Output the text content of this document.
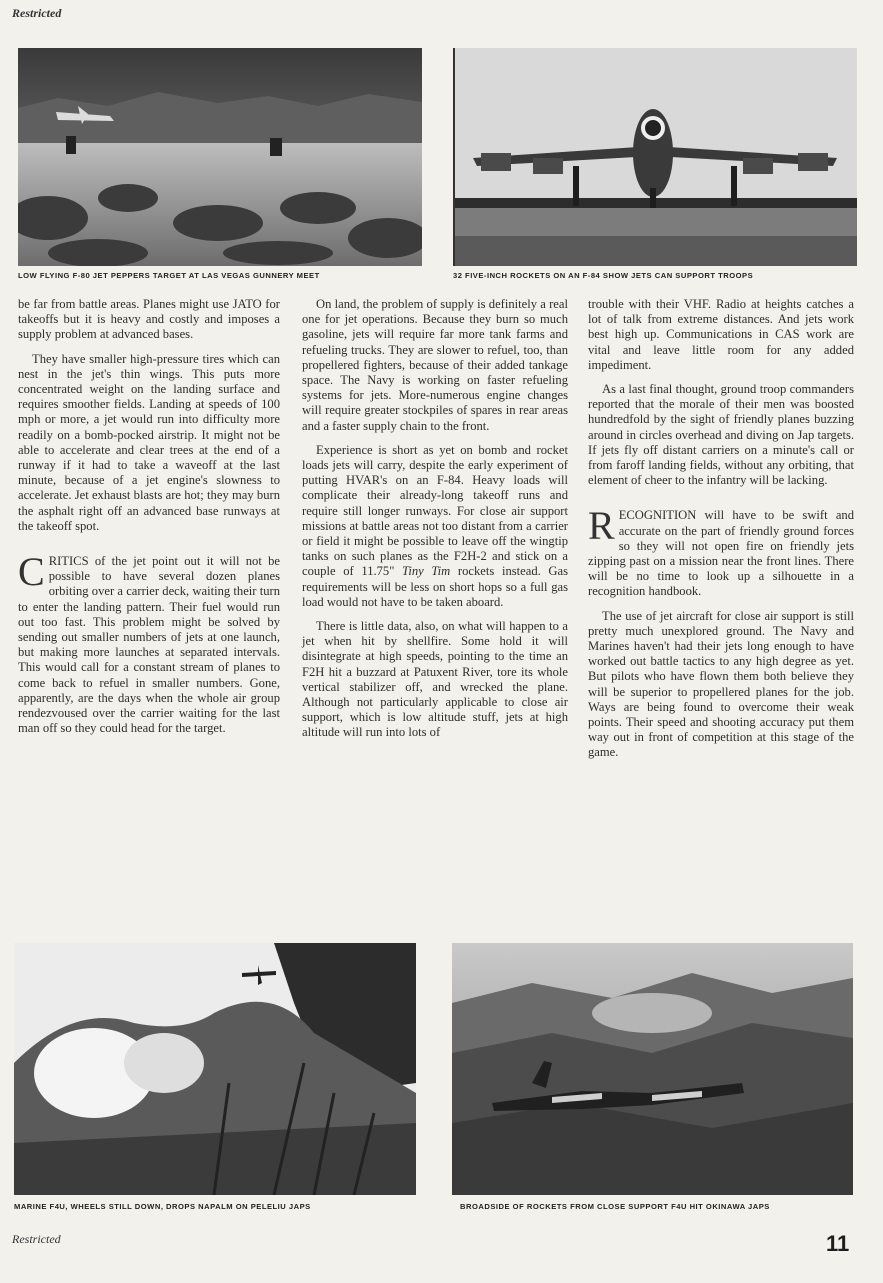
Restricted
LOW FLYING F-80 JET PEPPERS TARGET AT LAS VEGAS GUNNERY MEET	32 FIVE-INCH ROCKETS ON AN F-84 SHOW JETS CAN SUPPORT TROOPS

be far from battle areas. Planes might use JATO for takeoffs but it is heavy and costly and imposes a supply problem at advanced bases.

They have smaller high-pressure tires which can nest in the jet's thin wings. This puts more concentrated weight on the landing surface and requires smoother fields. Landing at speeds of 100 mph or more, a jet would run into difficulty more readily on a bomb-pocked airstrip. It might not be able to accelerate and clear trees at the end of a runway if it had to take a waveoff at the last minute, because of a jet engine's slowness to accelerate. Jet exhaust blasts are hot; they may burn the asphalt right off an advanced base runways at the takeoff spot.

CRITICS of the jet point out it will not be possible to have several dozen planes orbiting over a carrier deck, waiting their turn to enter the landing pattern. Their fuel would run out too fast. This problem might be solved by sending out smaller numbers of jets at one launch, but making more launches at separated intervals. This would call for a constant stream of planes to come back to refuel in smaller numbers. Gone, apparently, are the days when the whole air group rendezvoused over the carrier waiting for the last man off so they could head for the target.

On land, the problem of supply is definitely a real one for jet operations. Because they burn so much gasoline, jets will require far more tank farms and refueling trucks. They are slower to refuel, too, than propellered fighters, because of their added tankage space. The Navy is working on faster refueling systems for jets. More-numerous engine changes will require greater stockpiles of spares in rear areas and a faster supply chain to the front.

Experience is short as yet on bomb and rocket loads jets will carry, despite the early experiment of putting HVAR's on an F-84. Heavy loads will complicate their already-long takeoff runs and require still longer runways. For close air support missions at battle areas not too distant from a carrier or field it might be possible to leave off the wingtip tanks on such planes as the F2H-2 and stick on a couple of 11.75" Tiny Tim rockets instead. Gas requirements will be less on short hops so a full gas load would not have to be taken aboard.

There is little data, also, on what will happen to a jet when hit by shellfire. Some hold it will disintegrate at high speeds, pointing to the time an F2H hit a buzzard at Patuxent River, tore its whole vertical stabilizer off, and wrecked the plane. Although not particularly applicable to close air support, which is low altitude stuff, jets at high altitude will run into lots of

trouble with their VHF. Radio at heights catches a lot of talk from extreme distances. And jets work best high up. Communications in CAS work are vital and leave little room for any added impediment.

As a last final thought, ground troop commanders reported that the morale of their men was boosted hundredfold by the sight of friendly planes buzzing around in circles overhead and diving on Jap targets. If jets fly off distant carriers on a minute's call or from faroff landing fields, without any orbiting, that element of cheer to the infantry will be lacking.

RECOGNITION will have to be swift and accurate on the part of friendly ground forces so they will not open fire on friendly jets zipping past on a mission near the front lines. There will be no time to look up a silhouette in a recognition handbook.

The use of jet aircraft for close air support is still pretty much unexplored ground. The Navy and Marines haven't had their jets long enough to have worked out battle tactics to any high degree as yet. But pilots who have flown them both believe they will be superior to propellered planes for the job. Ways are being found to overcome their weak points. Their speed and shooting accuracy put them way out in front of competition at this stage of the game.

MARINE F4U, WHEELS STILL DOWN, DROPS NAPALM ON PELELIU JAPS	BROADSIDE OF ROCKETS FROM CLOSE SUPPORT F4U HIT OKINAWA JAPS
Restricted	11
